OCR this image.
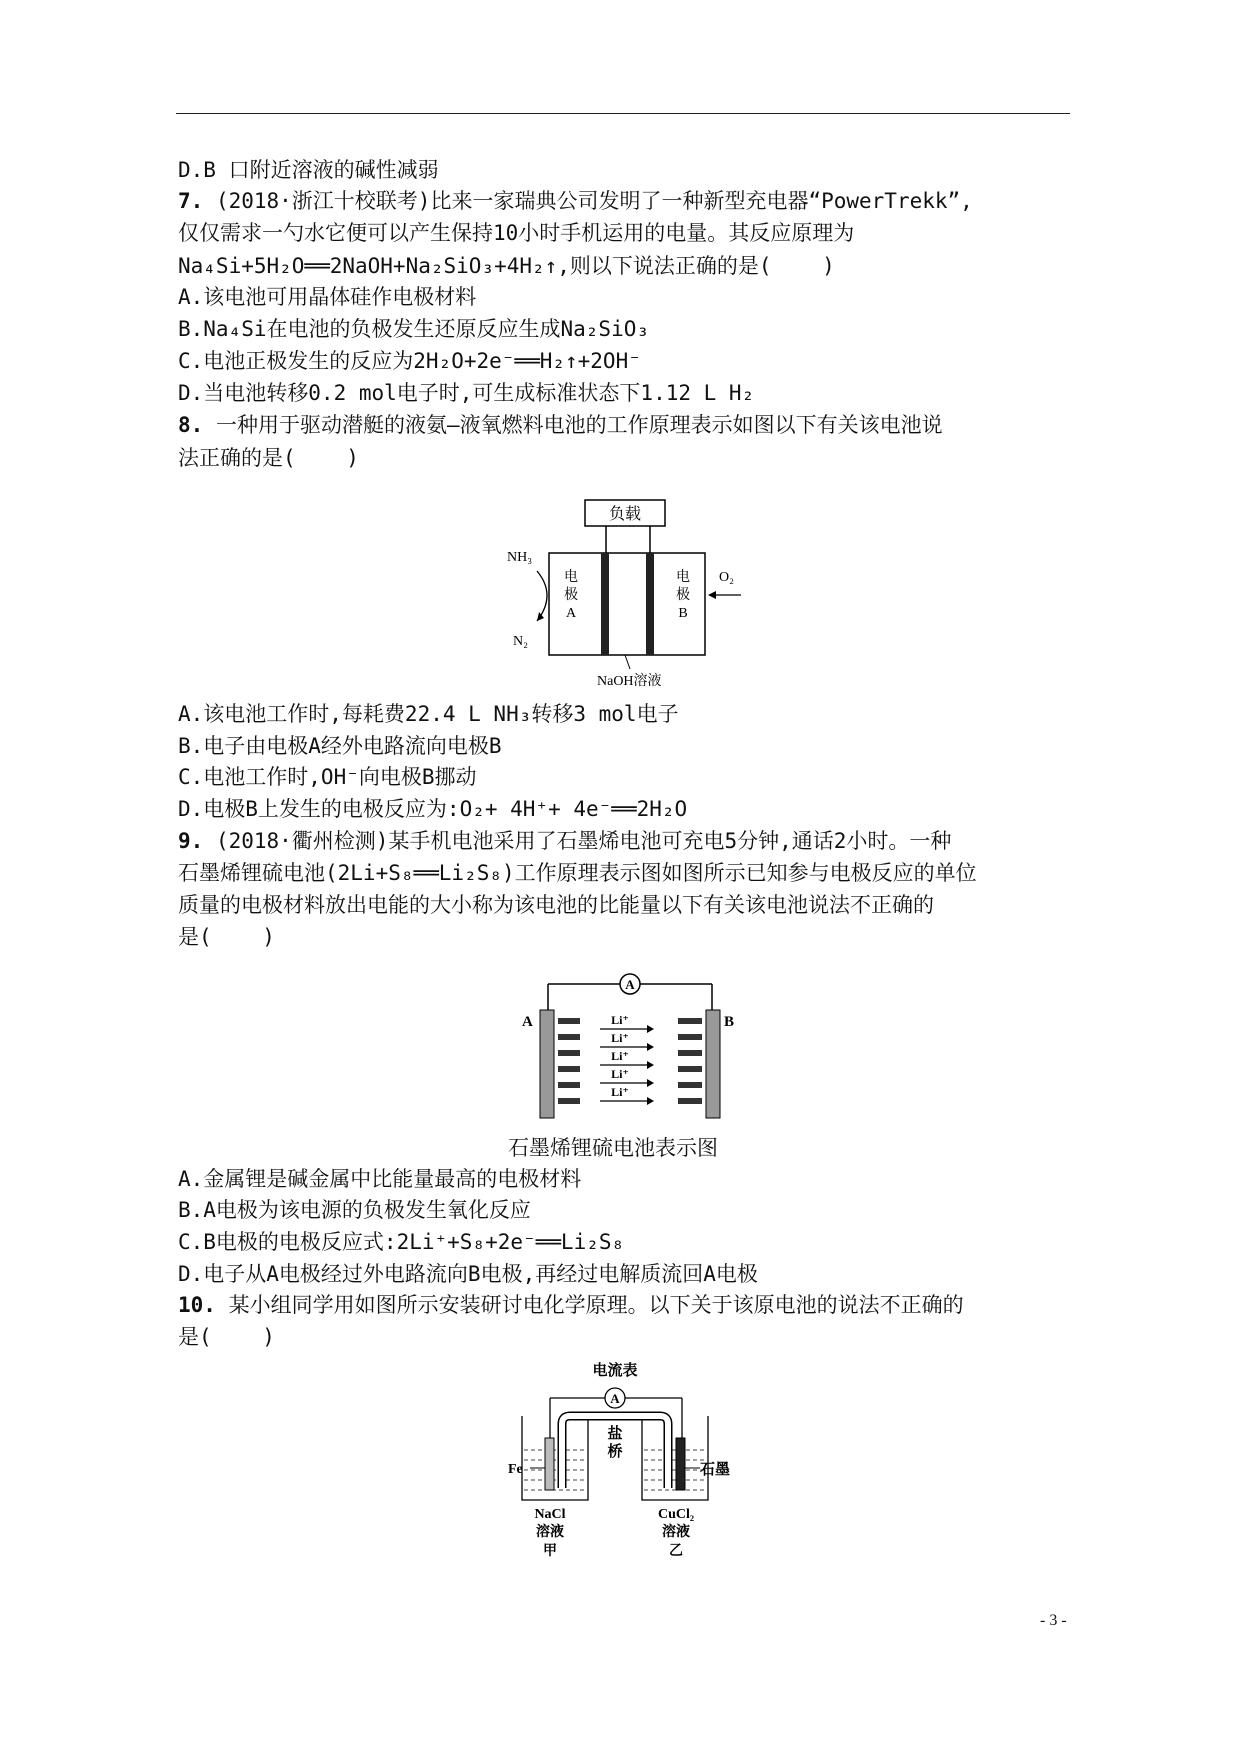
D.B 口附近溶液的碱性减弱
7. (2018·浙江十校联考)比来一家瑞典公司发明了一种新型充电器“PowerTrekk”,
仅仅需求一勺水它便可以产生保持10小时手机运用的电量。其反应原理为
Na₄Si+5H₂O══2NaOH+Na₂SiO₃+4H₂↑,则以下说法正确的是(    )
A.该电池可用晶体硅作电极材料
B.Na₄Si在电池的负极发生还原反应生成Na₂SiO₃
C.电池正极发生的反应为2H₂O+2e⁻══H₂↑+2OH⁻
D.当电池转移0.2 mol电子时,可生成标准状态下1.12 L H₂
8. 一种用于驱动潜艇的液氨—液氧燃料电池的工作原理表示如图以下有关该电池说
法正确的是(    )
A.该电池工作时,每耗费22.4 L NH₃转移3 mol电子
B.电子由电极A经外电路流向电极B
C.电池工作时,OH⁻向电极B挪动
D.电极B上发生的电极反应为:O₂+ 4H⁺+ 4e⁻══2H₂O
9. (2018·衢州检测)某手机电池采用了石墨烯电池可充电5分钟,通话2小时。一种
石墨烯锂硫电池(2Li+S₈══Li₂S₈)工作原理表示图如图所示已知参与电极反应的单位
质量的电极材料放出电能的大小称为该电池的比能量以下有关该电池说法不正确的
是(    )
A.金属锂是碱金属中比能量最高的电极材料
B.A电极为该电源的负极发生氧化反应
C.B电极的电极反应式:2Li⁺+S₈+2e⁻══Li₂S₈
D.电子从A电极经过外电路流向B电极,再经过电解质流回A电极
10. 某小组同学用如图所示安装研讨电化学原理。以下关于该原电池的说法不正确的
是(    )
负载
电
极
A
电
极
B
NH₃
N₂
O₂
NaOH溶液
A
A	B
Li⁺
Li⁺
Li⁺
Li⁺
Li⁺
石墨烯锂硫电池表示图
电流表
A
盐
桥
Fe	石墨
NaCl
溶液
甲
CuCl₂
溶液
乙
- 3 -
